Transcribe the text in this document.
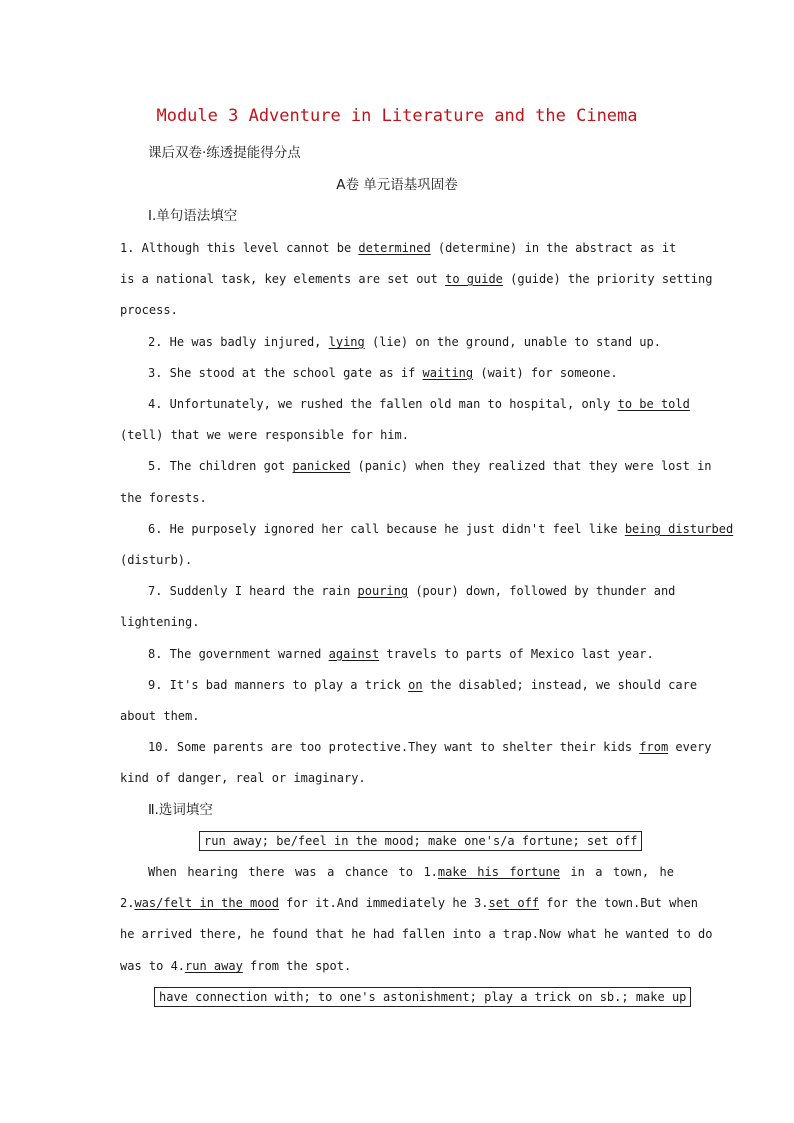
Module 3 Adventure in Literature and the Cinema
课后双卷·练透提能得分点
A卷 单元语基巩固卷
Ⅰ.单句语法填空
1. Although this level cannot be determined (determine) in the abstract as it
is a national task, key elements are set out to guide (guide) the priority setting
process.
2. He was badly injured, lying (lie) on the ground, unable to stand up.
3. She stood at the school gate as if waiting (wait) for someone.
4. Unfortunately, we rushed the fallen old man to hospital, only to be told
(tell) that we were responsible for him.
5. The children got panicked (panic) when they realized that they were lost in
the forests.
6. He purposely ignored her call because he just didn't feel like being disturbed
(disturb).
7. Suddenly I heard the rain pouring (pour) down, followed by thunder and
lightening.
8. The government warned against travels to parts of Mexico last year.
9. It's bad manners to play a trick on the disabled; instead, we should care
about them.
10. Some parents are too protective.They want to shelter their kids from every
kind of danger, real or imaginary.
Ⅱ.选词填空
run away; be/feel in the mood; make one's/a fortune; set off
When hearing there was a chance to 1.make his fortune in a town, he
2.was/felt in the mood for it.And immediately he 3.set off for the town.But when
he arrived there, he found that he had fallen into a trap.Now what he wanted to do
was to 4.run away from the spot.
have connection with; to one's astonishment; play a trick on sb.; make up
